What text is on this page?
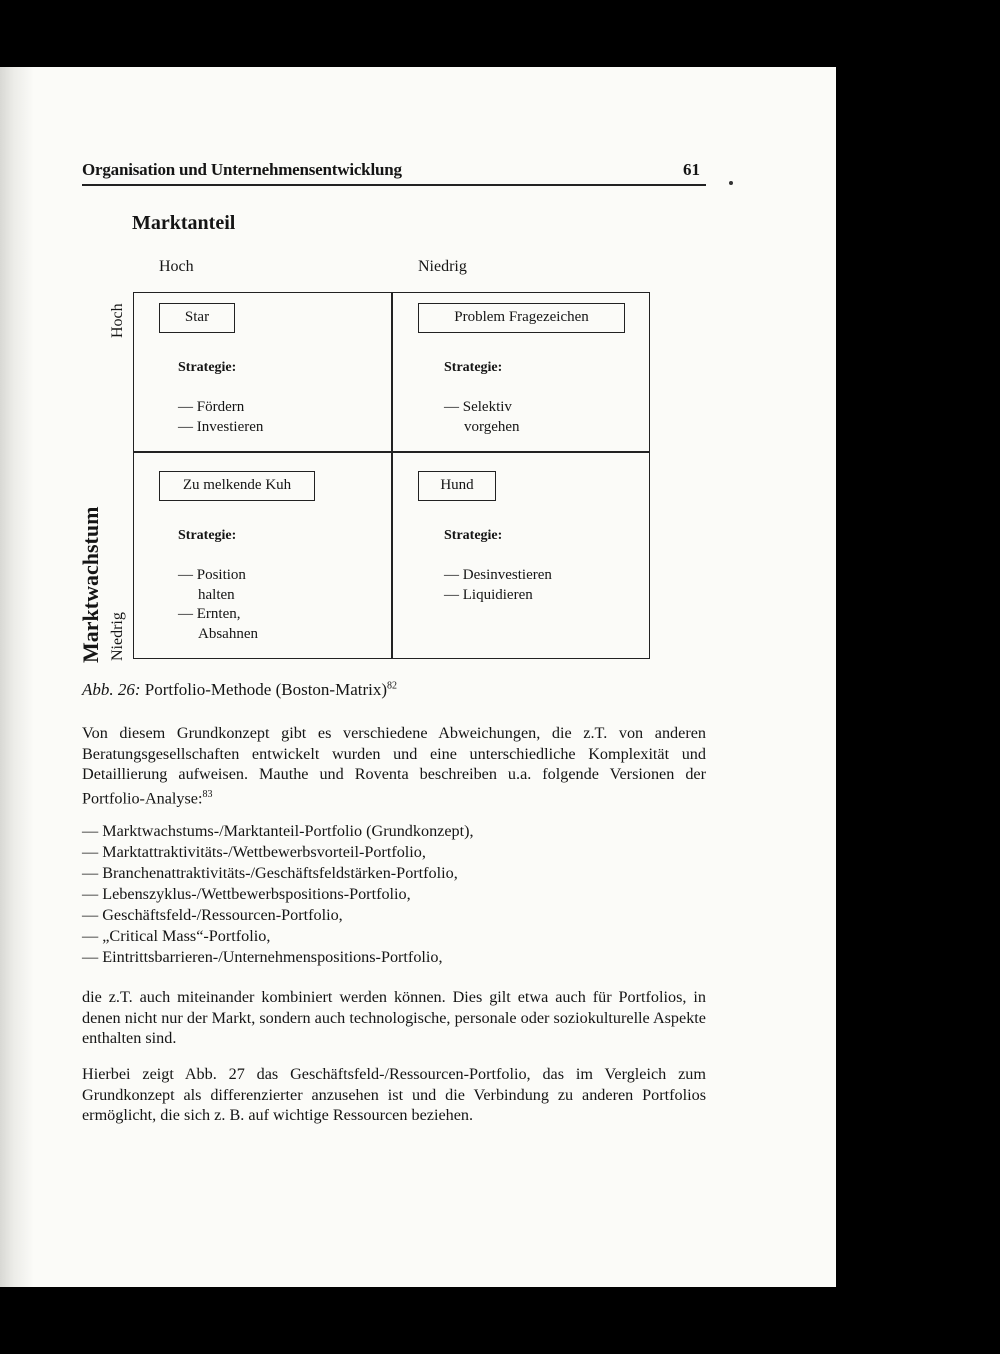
Organisation und Unternehmensentwicklung	61
Marktanteil
Hoch	Niedrig
Marktwachstum
Hoch
Niedrig
Star
Strategie:
— Fördern
— Investieren
Problem Fragezeichen
Strategie:
— Selektiv
vorgehen
Zu melkende Kuh
Strategie:
— Position
halten
— Ernten,
Absahnen
Hund
Strategie:
— Desinvestieren
— Liquidieren
Abb. 26: Portfolio-Methode (Boston-Matrix)$^{82}$
Von diesem Grundkonzept gibt es verschiedene Abweichungen, die z.T. von anderen Beratungsgesellschaften entwickelt wurden und eine unterschiedliche Komplexität und Detaillierung aufweisen. Mauthe und Roventa beschreiben u.a. folgende Versionen der Portfolio-Analyse:$^{83}$
— Marktwachstums-/Marktanteil-Portfolio (Grundkonzept),
— Marktattraktivitäts-/Wettbewerbsvorteil-Portfolio,
— Branchenattraktivitäts-/Geschäftsfeldstärken-Portfolio,
— Lebenszyklus-/Wettbewerbspositions-Portfolio,
— Geschäftsfeld-/Ressourcen-Portfolio,
— „Critical Mass“-Portfolio,
— Eintrittsbarrieren-/Unternehmenspositions-Portfolio,
die z.T. auch miteinander kombiniert werden können. Dies gilt etwa auch für Portfolios, in denen nicht nur der Markt, sondern auch technologische, personale oder soziokulturelle Aspekte enthalten sind.
Hierbei zeigt Abb. 27 das Geschäftsfeld-/Ressourcen-Portfolio, das im Vergleich zum Grundkonzept als differenzierter anzusehen ist und die Verbindung zu anderen Portfolios ermöglicht, die sich z. B. auf wichtige Ressourcen beziehen.
